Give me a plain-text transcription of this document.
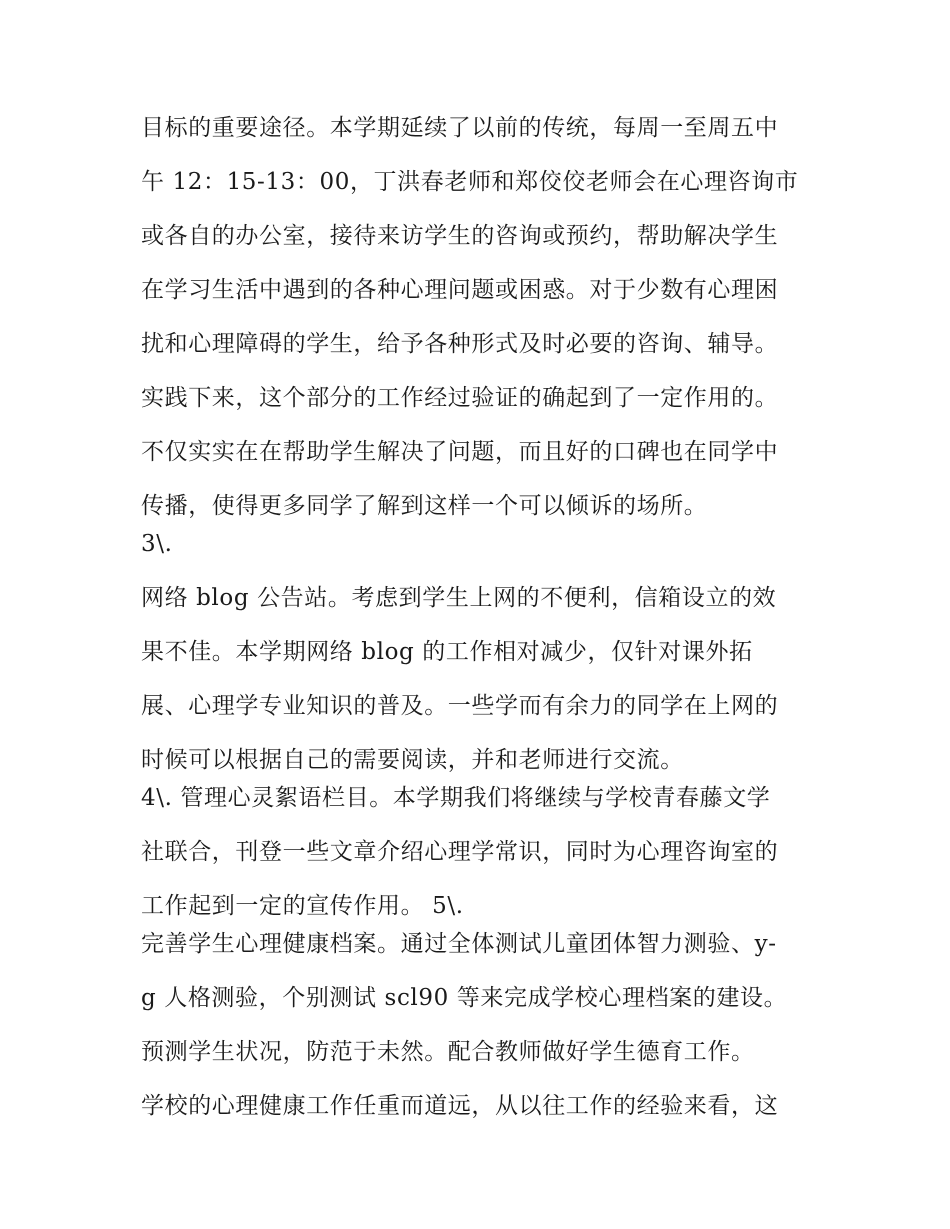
目标的重要途径。本学期延续了以前的传统，每周一至周五中
午 12：15-13：00，丁洪春老师和郑佼佼老师会在心理咨询市
或各自的办公室，接待来访学生的咨询或预约，帮助解决学生
在学习生活中遇到的各种心理问题或困惑。对于少数有心理困
扰和心理障碍的学生，给予各种形式及时必要的咨询、辅导。
实践下来，这个部分的工作经过验证的确起到了一定作用的。
不仅实实在在帮助学生解决了问题，而且好的口碑也在同学中
传播，使得更多同学了解到这样一个可以倾诉的场所。
3\.
网络 blog 公告站。考虑到学生上网的不便利，信箱设立的效
果不佳。本学期网络 blog 的工作相对减少，仅针对课外拓
展、心理学专业知识的普及。一些学而有余力的同学在上网的
时候可以根据自己的需要阅读，并和老师进行交流。
4\. 管理心灵絮语栏目。本学期我们将继续与学校青春藤文学
社联合，刊登一些文章介绍心理学常识，同时为心理咨询室的
工作起到一定的宣传作用。 5\.
完善学生心理健康档案。通过全体测试儿童团体智力测验、y-
g 人格测验，个别测试 scl90 等来完成学校心理档案的建设。
预测学生状况，防范于未然。配合教师做好学生德育工作。
学校的心理健康工作任重而道远，从以往工作的经验来看，这
